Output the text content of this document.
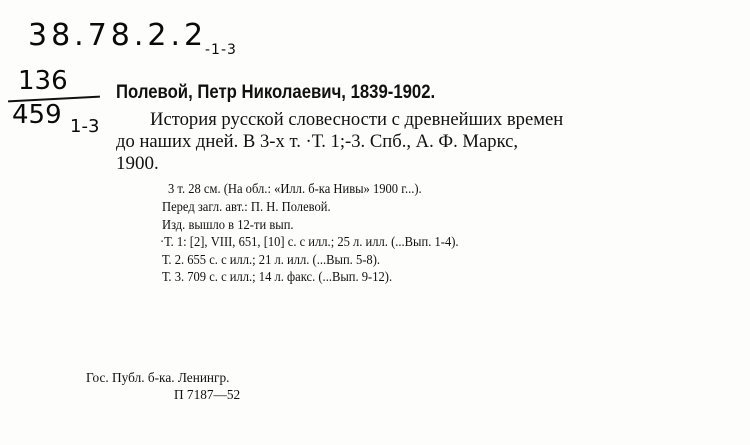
38.78.2.2
-1-3
136
459 1-3
Полевой, Петр Николаевич, 1839-1902.
История русской словесности с древнейших времен
до наших дней. В 3-х т. ·Т. 1;-3. Спб., А. Ф. Маркс,
1900.
3 т. 28 см. (На обл.: «Илл. б-ка Нивы» 1900 г...).
Перед загл. авт.: П. Н. Полевой.
Изд. вышло в 12-ти вып.
·Т. 1: [2], VIII, 651, [10] с. с илл.; 25 л. илл. (...Вып. 1-4).
Т. 2. 655 с. с илл.; 21 л. илл. (...Вып. 5-8).
Т. 3. 709 с. с илл.; 14 л. факс. (...Вып. 9-12).
Гос. Публ. б-ка. Ленингр.
П 7187—52
